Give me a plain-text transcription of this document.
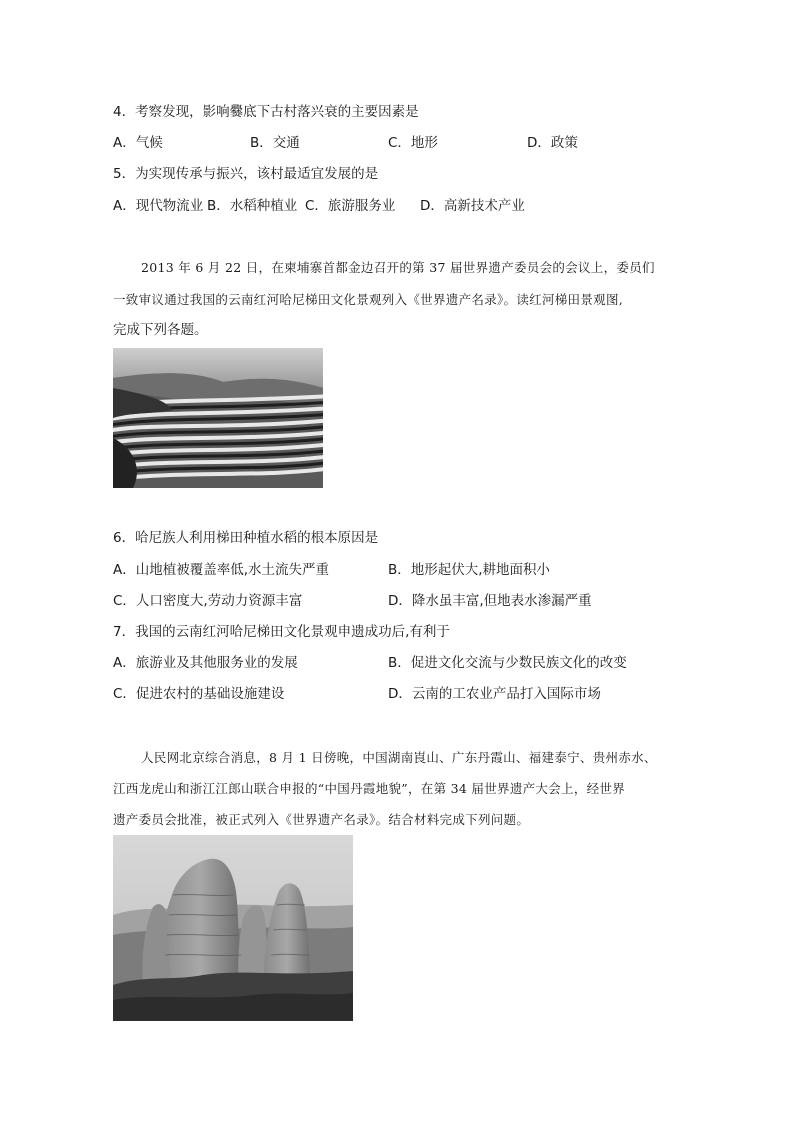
4．考察发现，影响爨底下古村落兴衰的主要因素是
A．气候	B．交通	C．地形	D．政策
5．为实现传承与振兴，该村最适宜发展的是
A．现代物流业 B．水稻种植业 C．旅游服务业 D．高新技术产业
2013 年 6 月 22 日，在柬埔寨首都金边召开的第 37 届世界遗产委员会的会议上，委员们
一致审议通过我国的云南红河哈尼梯田文化景观列入《世界遗产名录》。读红河梯田景观图,
完成下列各题。
6．哈尼族人利用梯田种植水稻的根本原因是
A．山地植被覆盖率低,水土流失严重	B．地形起伏大,耕地面积小
C．人口密度大,劳动力资源丰富	D．降水虽丰富,但地表水渗漏严重
7．我国的云南红河哈尼梯田文化景观申遗成功后,有利于
A．旅游业及其他服务业的发展	B．促进文化交流与少数民族文化的改变
C．促进农村的基础设施建设	D．云南的工农业产品打入国际市场
人民网北京综合消息，8 月 1 日傍晚，中国湖南崀山、广东丹霞山、福建泰宁、贵州赤水、
江西龙虎山和浙江江郎山联合申报的“中国丹霞地貌”，在第 34 届世界遗产大会上，经世界
遗产委员会批准，被正式列入《世界遗产名录》。结合材料完成下列问题。
